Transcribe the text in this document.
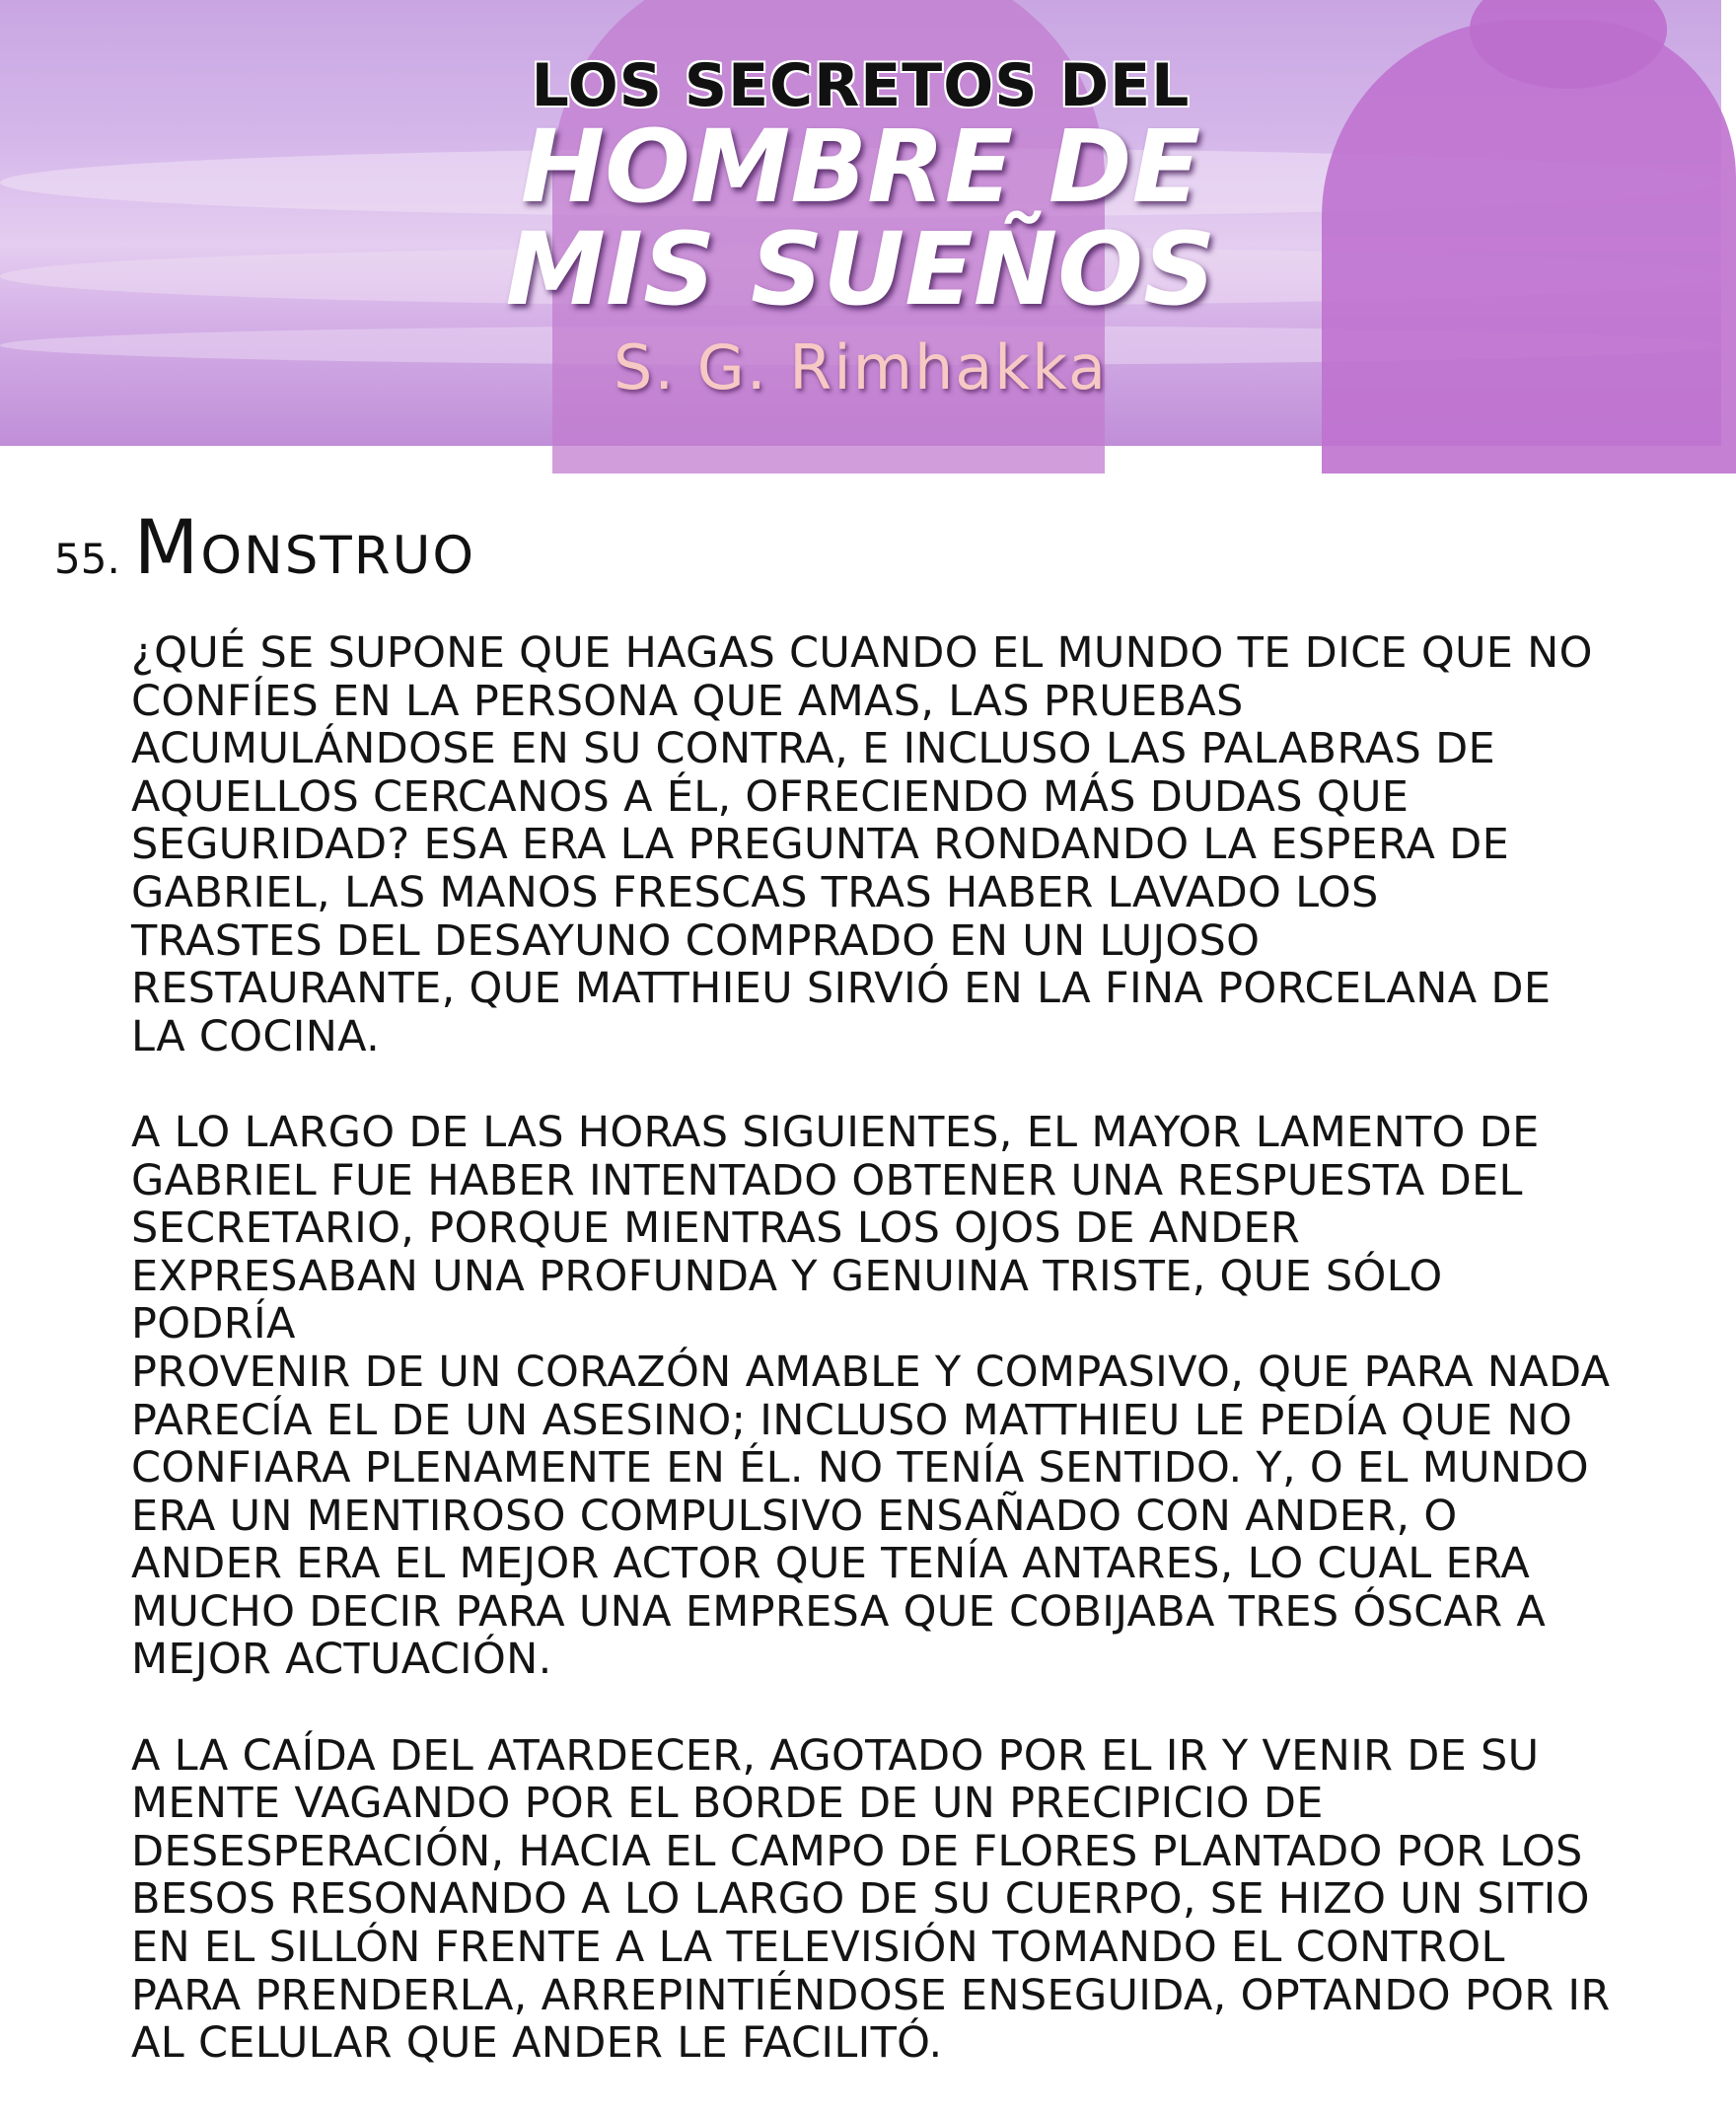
LOS SECRETOS DEL
HOMBRE DE
MIS SUEÑOS
S. G. Rimhakka
55. Monstruo

¿QUÉ SE SUPONE QUE HAGAS CUANDO EL MUNDO TE DICE QUE NO
CONFÍES EN LA PERSONA QUE AMAS, LAS PRUEBAS
ACUMULÁNDOSE EN SU CONTRA, E INCLUSO LAS PALABRAS DE
AQUELLOS CERCANOS A ÉL, OFRECIENDO MÁS DUDAS QUE
SEGURIDAD? ESA ERA LA PREGUNTA RONDANDO LA ESPERA DE
GABRIEL, LAS MANOS FRESCAS TRAS HABER LAVADO LOS
TRASTES DEL DESAYUNO COMPRADO EN UN LUJOSO
RESTAURANTE, QUE MATTHIEU SIRVIÓ EN LA FINA PORCELANA DE
LA COCINA.

A LO LARGO DE LAS HORAS SIGUIENTES, EL MAYOR LAMENTO DE
GABRIEL FUE HABER INTENTADO OBTENER UNA RESPUESTA DEL
SECRETARIO, PORQUE MIENTRAS LOS OJOS DE ANDER
EXPRESABAN UNA PROFUNDA Y GENUINA TRISTE, QUE SÓLO PODRÍA
PROVENIR DE UN CORAZÓN AMABLE Y COMPASIVO, QUE PARA NADA
PARECÍA EL DE UN ASESINO; INCLUSO MATTHIEU LE PEDÍA QUE NO
CONFIARA PLENAMENTE EN ÉL. NO TENÍA SENTIDO. Y, O EL MUNDO
ERA UN MENTIROSO COMPULSIVO ENSAÑADO CON ANDER, O
ANDER ERA EL MEJOR ACTOR QUE TENÍA ANTARES, LO CUAL ERA
MUCHO DECIR PARA UNA EMPRESA QUE COBIJABA TRES ÓSCAR A
MEJOR ACTUACIÓN.

A LA CAÍDA DEL ATARDECER, AGOTADO POR EL IR Y VENIR DE SU
MENTE VAGANDO POR EL BORDE DE UN PRECIPICIO DE
DESESPERACIÓN, HACIA EL CAMPO DE FLORES PLANTADO POR LOS
BESOS RESONANDO A LO LARGO DE SU CUERPO, SE HIZO UN SITIO
EN EL SILLÓN FRENTE A LA TELEVISIÓN TOMANDO EL CONTROL
PARA PRENDERLA, ARREPINTIÉNDOSE ENSEGUIDA, OPTANDO POR IR
AL CELULAR QUE ANDER LE FACILITÓ.
